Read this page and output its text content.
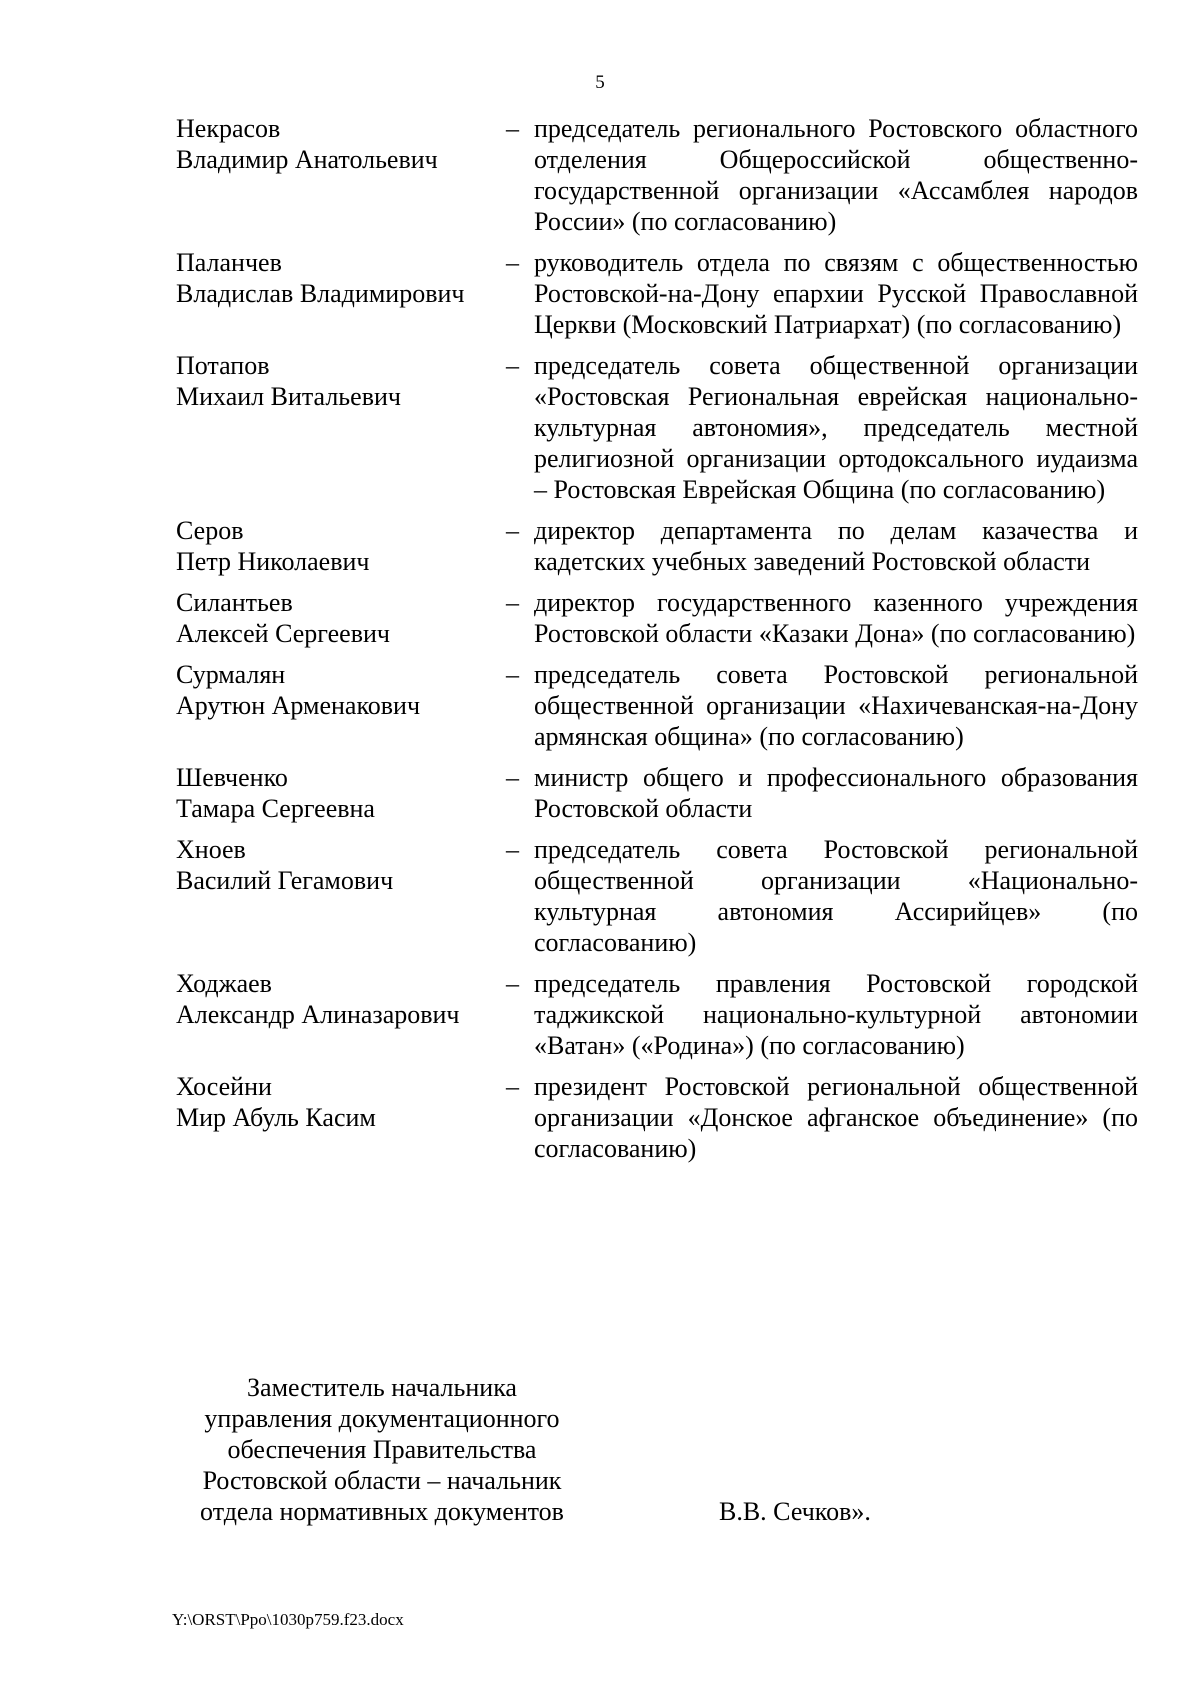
5
Некрасов
Владимир Анатольевич
– председатель регионального Ростовского областного отделения Общероссийской общественно-государственной организации «Ассамблея народов России» (по согласованию)
Паланчев
Владислав Владимирович
– руководитель отдела по связям с общественностью Ростовской-на-Дону епархии Русской Православной Церкви (Московский Патриархат) (по согласованию)
Потапов
Михаил Витальевич
– председатель совета общественной организации «Ростовская Региональная еврейская национально-культурная автономия», председатель местной религиозной организации ортодоксального иудаизма – Ростовская Еврейская Община (по согласованию)
Серов
Петр Николаевич
– директор департамента по делам казачества и кадетских учебных заведений Ростовской области
Силантьев
Алексей Сергеевич
– директор государственного казенного учреждения Ростовской области «Казаки Дона» (по согласованию)
Сурмалян
Арутюн Арменакович
– председатель совета Ростовской региональной общественной организации «Нахичеванская-на-Дону армянская община» (по согласованию)
Шевченко
Тамара Сергеевна
– министр общего и профессионального образования Ростовской области
Хноев
Василий Гегамович
– председатель совета Ростовской региональной общественной организации «Национально-культурная автономия Ассирийцев» (по согласованию)
Ходжаев
Александр Алиназарович
– председатель правления Ростовской городской таджикской национально-культурной автономии «Ватан» («Родина») (по согласованию)
Хосейни
Мир Абуль Касим
– президент Ростовской региональной общественной организации «Донское афганское объединение» (по согласованию)
Заместитель начальника
управления документационного
обеспечения Правительства
Ростовской области – начальник
отдела нормативных документов	В.В. Сечков».
Y:\ORST\Ppo\1030p759.f23.docx
